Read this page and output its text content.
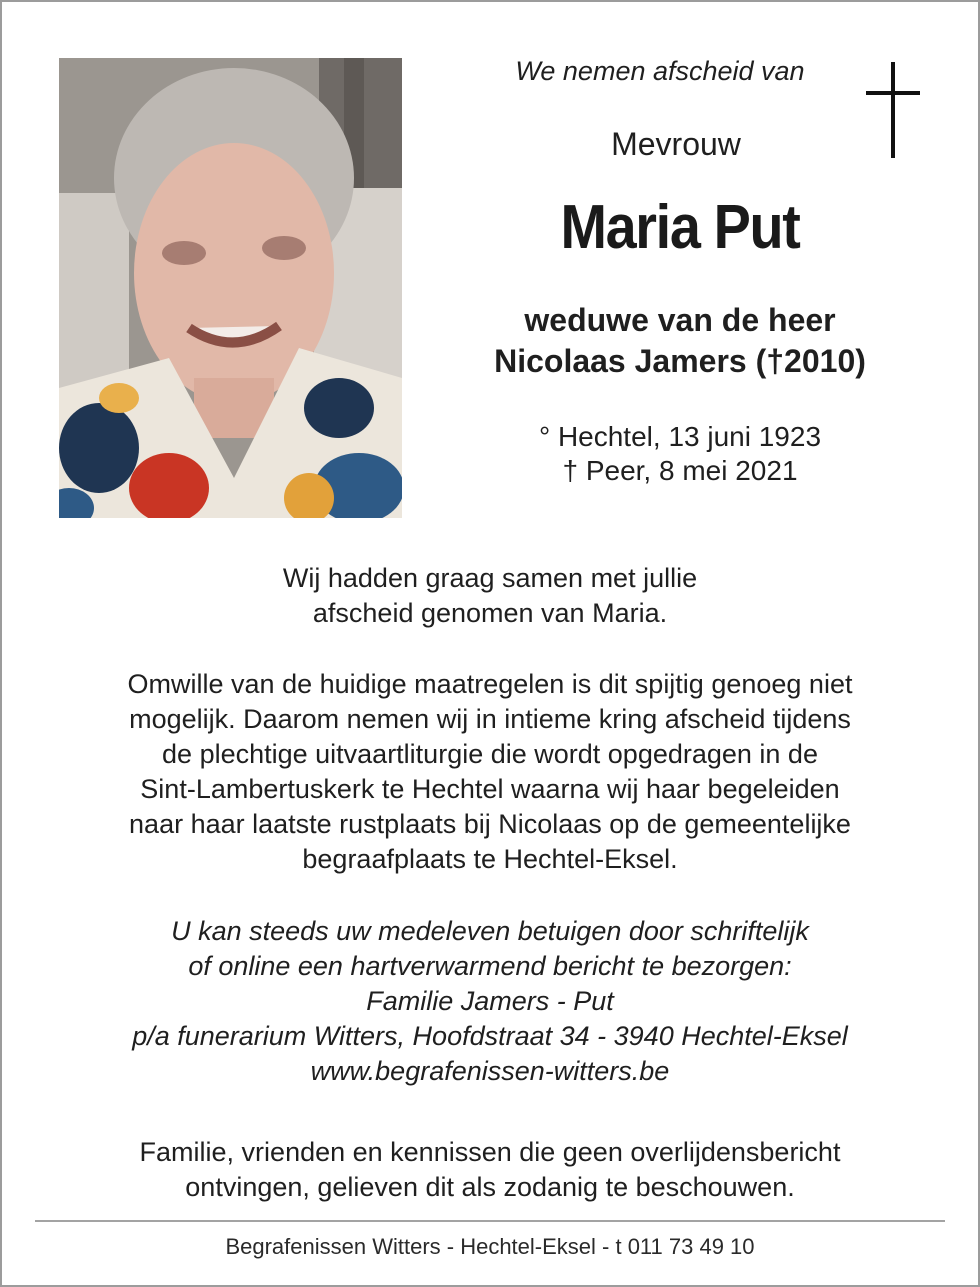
We nemen afscheid van
Mevrouw
Maria Put
weduwe van de heer
Nicolaas Jamers (†2010)
° Hechtel, 13 juni 1923
† Peer, 8 mei 2021
Wij hadden graag samen met jullie
afscheid genomen van Maria.
Omwille van de huidige maatregelen is dit spijtig genoeg niet
mogelijk. Daarom nemen wij in intieme kring afscheid tijdens
de plechtige uitvaartliturgie die wordt opgedragen in de
Sint-Lambertuskerk te Hechtel waarna wij haar begeleiden
naar haar laatste rustplaats bij Nicolaas op de gemeentelijke
begraafplaats te Hechtel-Eksel.
U kan steeds uw medeleven betuigen door schriftelijk
of online een hartverwarmend bericht te bezorgen:
Familie Jamers - Put
p/a funerarium Witters, Hoofdstraat 34 - 3940 Hechtel-Eksel
www.begrafenissen-witters.be
Familie, vrienden en kennissen die geen overlijdensbericht
ontvingen, gelieven dit als zodanig te beschouwen.
Begrafenissen Witters - Hechtel-Eksel - t 011 73 49 10
